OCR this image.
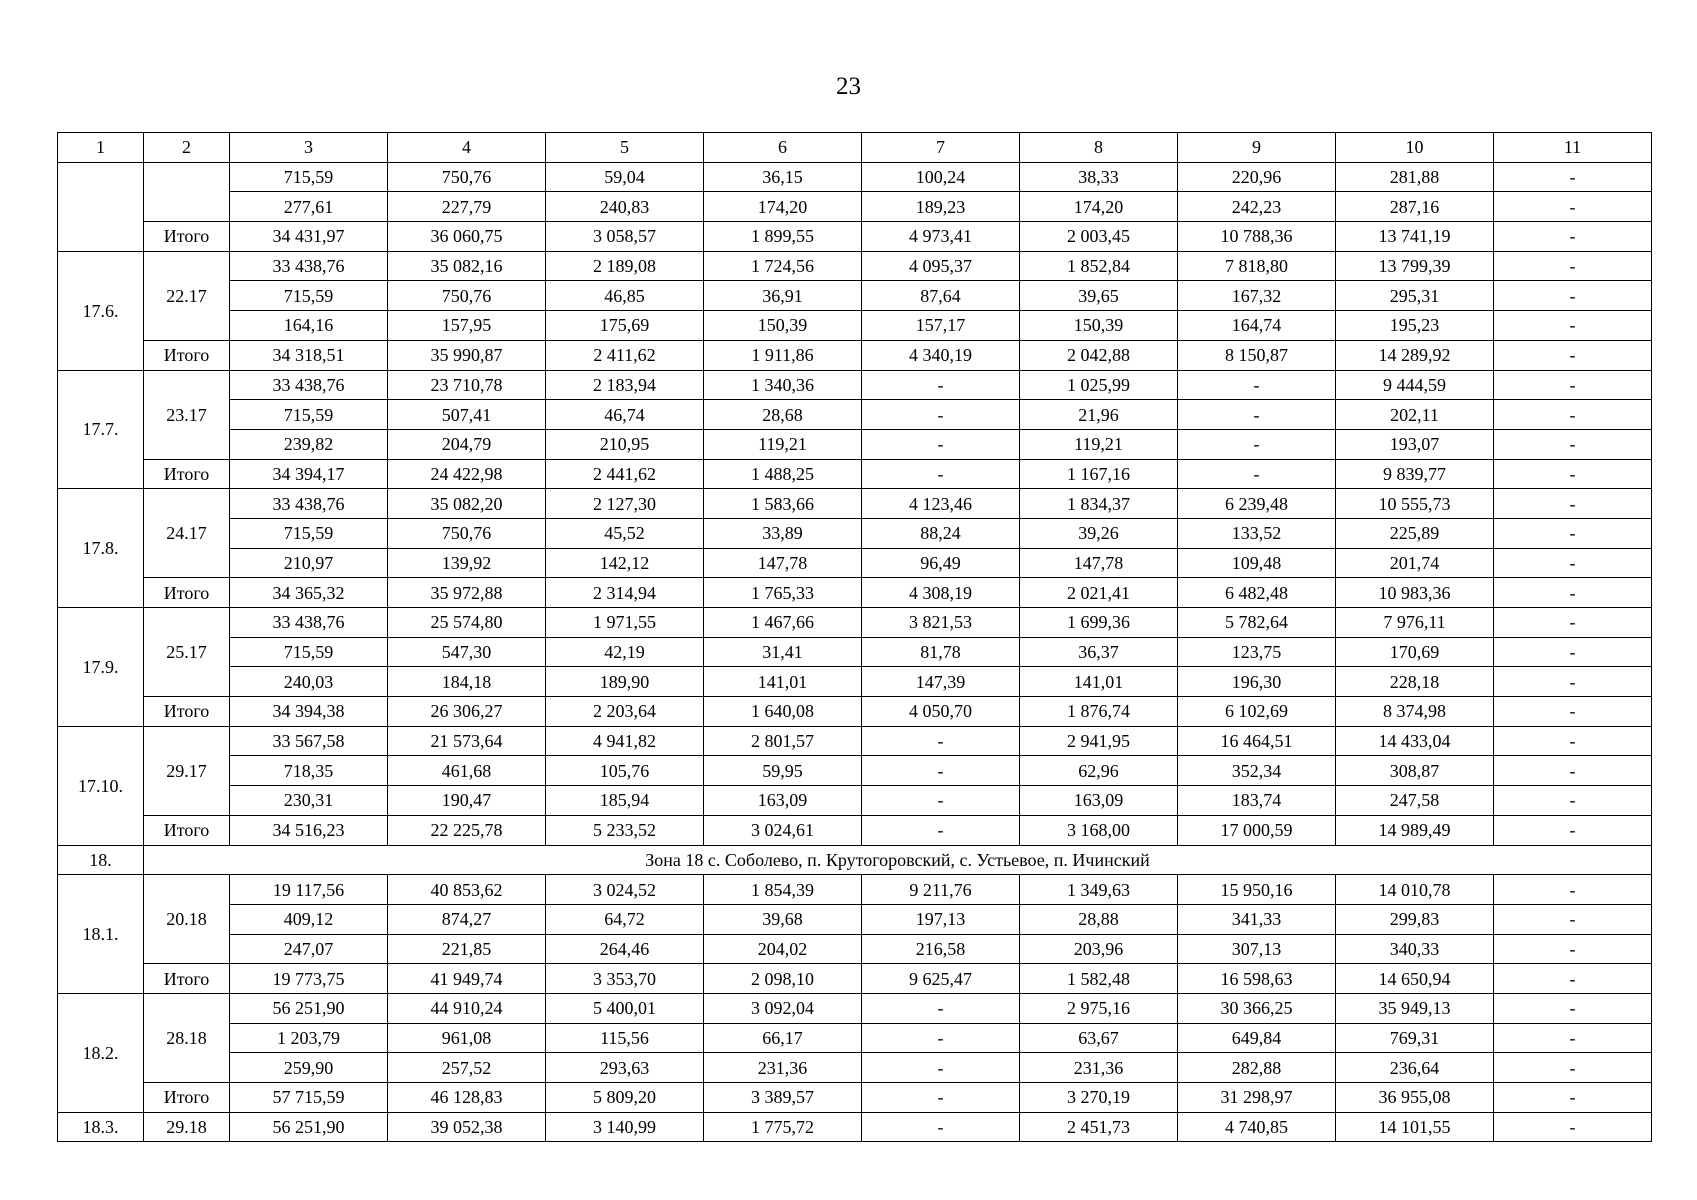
23
1	2	3	4	5	6	7	8	9	10	11
		715,59	750,76	59,04	36,15	100,24	38,33	220,96	281,88	-
		277,61	227,79	240,83	174,20	189,23	174,20	242,23	287,16	-
	Итого	34 431,97	36 060,75	3 058,57	1 899,55	4 973,41	2 003,45	10 788,36	13 741,19	-
17.6.	22.17	33 438,76	35 082,16	2 189,08	1 724,56	4 095,37	1 852,84	7 818,80	13 799,39	-
		715,59	750,76	46,85	36,91	87,64	39,65	167,32	295,31	-
		164,16	157,95	175,69	150,39	157,17	150,39	164,74	195,23	-
	Итого	34 318,51	35 990,87	2 411,62	1 911,86	4 340,19	2 042,88	8 150,87	14 289,92	-
17.7.	23.17	33 438,76	23 710,78	2 183,94	1 340,36	-	1 025,99	-	9 444,59	-
		715,59	507,41	46,74	28,68	-	21,96	-	202,11	-
		239,82	204,79	210,95	119,21	-	119,21	-	193,07	-
	Итого	34 394,17	24 422,98	2 441,62	1 488,25	-	1 167,16	-	9 839,77	-
17.8.	24.17	33 438,76	35 082,20	2 127,30	1 583,66	4 123,46	1 834,37	6 239,48	10 555,73	-
		715,59	750,76	45,52	33,89	88,24	39,26	133,52	225,89	-
		210,97	139,92	142,12	147,78	96,49	147,78	109,48	201,74	-
	Итого	34 365,32	35 972,88	2 314,94	1 765,33	4 308,19	2 021,41	6 482,48	10 983,36	-
17.9.	25.17	33 438,76	25 574,80	1 971,55	1 467,66	3 821,53	1 699,36	5 782,64	7 976,11	-
		715,59	547,30	42,19	31,41	81,78	36,37	123,75	170,69	-
		240,03	184,18	189,90	141,01	147,39	141,01	196,30	228,18	-
	Итого	34 394,38	26 306,27	2 203,64	1 640,08	4 050,70	1 876,74	6 102,69	8 374,98	-
17.10.	29.17	33 567,58	21 573,64	4 941,82	2 801,57	-	2 941,95	16 464,51	14 433,04	-
		718,35	461,68	105,76	59,95	-	62,96	352,34	308,87	-
		230,31	190,47	185,94	163,09	-	163,09	183,74	247,58	-
	Итого	34 516,23	22 225,78	5 233,52	3 024,61	-	3 168,00	17 000,59	14 989,49	-
18.	Зона 18 с. Соболево, п. Крутогоровский, с. Устьевое, п. Ичинский									
18.1.	20.18	19 117,56	40 853,62	3 024,52	1 854,39	9 211,76	1 349,63	15 950,16	14 010,78	-
		409,12	874,27	64,72	39,68	197,13	28,88	341,33	299,83	-
		247,07	221,85	264,46	204,02	216,58	203,96	307,13	340,33	-
	Итого	19 773,75	41 949,74	3 353,70	2 098,10	9 625,47	1 582,48	16 598,63	14 650,94	-
18.2.	28.18	56 251,90	44 910,24	5 400,01	3 092,04	-	2 975,16	30 366,25	35 949,13	-
		1 203,79	961,08	115,56	66,17	-	63,67	649,84	769,31	-
		259,90	257,52	293,63	231,36	-	231,36	282,88	236,64	-
	Итого	57 715,59	46 128,83	5 809,20	3 389,57	-	3 270,19	31 298,97	36 955,08	-
18.3.	29.18	56 251,90	39 052,38	3 140,99	1 775,72	-	2 451,73	4 740,85	14 101,55	-
